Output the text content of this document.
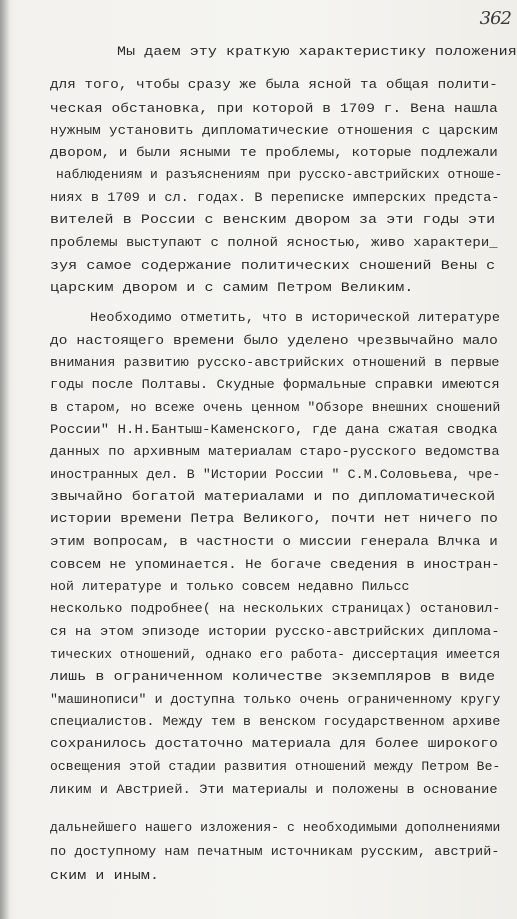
362
Мы даем эту краткую характеристику положения
для того, чтобы сразу же была ясной та общая полити-
ческая обстановка, при которой в 1709 г. Вена нашла
нужным установить дипломатические отношения с царским
двором, и были ясными те проблемы, которые подлежали
наблюдениям и разъяснениям при русско-австрийских отноше-
ниях в 1709 и сл. годах. В переписке имперских предста-
вителей в России с венским двором за эти годы эти
проблемы выступают с полной ясностью, живо характери_
зуя самое содержание политических сношений Вены с
царским двором и с самим Петром Великим.
Необходимо отметить, что в исторической литературе
до настоящего времени было уделено чрезвычайно мало
внимания развитию русско-австрийских отношений в первые
годы после Полтавы. Скудные формальные справки имеются
в старом, но всеже очень ценном "Обзоре внешних сношений
России" Н.Н.Бантыш-Каменского, где дана сжатая сводка
данных по архивным материалам старо-русского ведомства
иностранных дел. В "Истории России " С.М.Соловьева, чре-
звычайно богатой материалами и по дипломатической
истории времени Петра Великого, почти нет ничего по
этим вопросам, в частности о миссии генерала Влчка и
совсем не упоминается. Не богаче сведения в иностран-
ной литературе и только совсем недавно Пильсс
несколько подробнее( на нескольких страницах) остановил-
ся на этом эпизоде истории русско-австрийских диплома-
тических отношений, однако его работа- диссертация имеется
лишь в ограниченном количестве экземпляров в виде
"машинописи" и доступна только очень ограниченному кругу
специалистов. Между тем в венском государственном архиве
сохранилось достаточно материала для более широкого
освещения этой стадии развития отношений между Петром Ве-
ликим и Австрией. Эти материалы и положены в основание
дальнейшего нашего изложения- с необходимыми дополнениями
по доступному нам печатным источникам русским, австрий-
ским и иным.
